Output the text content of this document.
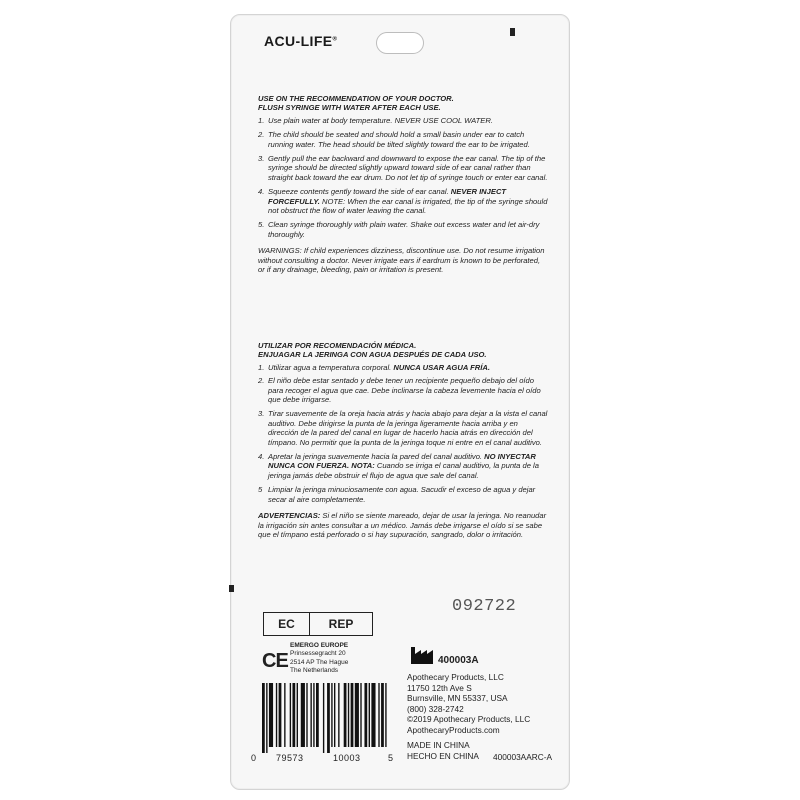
ACU-LIFE®

USE ON THE RECOMMENDATION OF YOUR DOCTOR.
FLUSH SYRINGE WITH WATER AFTER EACH USE.

1. Use plain water at body temperature. NEVER USE COOL WATER.
2. The child should be seated and should hold a small basin under ear to catch running water. The head should be tilted slightly toward the ear to be irrigated.
3. Gently pull the ear backward and downward to expose the ear canal. The tip of the syringe should be directed slightly upward toward side of ear canal rather than straight back toward the ear drum. Do not let tip of syringe touch or enter ear canal.
4. Squeeze contents gently toward the side of ear canal. NEVER INJECT FORCEFULLY. NOTE: When the ear canal is irrigated, the tip of the syringe should not obstruct the flow of water leaving the canal.
5. Clean syringe thoroughly with plain water. Shake out excess water and let air-dry thoroughly.

WARNINGS: If child experiences dizziness, discontinue use. Do not resume irrigation without consulting a doctor. Never irrigate ears if eardrum is known to be perforated, or if any drainage, bleeding, pain or irritation is present.

UTILIZAR POR RECOMENDACIÓN MÉDICA.
ENJUAGAR LA JERINGA CON AGUA DESPUÉS DE CADA USO.

1. Utilizar agua a temperatura corporal. NUNCA USAR AGUA FRÍA.
2. El niño debe estar sentado y debe tener un recipiente pequeño debajo del oído para recoger el agua que cae. Debe inclinarse la cabeza levemente hacia el oído que debe irrigarse.
3. Tirar suavemente de la oreja hacia atrás y hacia abajo para dejar a la vista el canal auditivo. Debe dirigirse la punta de la jeringa ligeramente hacia arriba y en dirección de la pared del canal en lugar de hacerlo hacia atrás en dirección del tímpano. No permitir que la punta de la jeringa toque ni entre en el canal auditivo.
4. Apretar la jeringa suavemente hacia la pared del canal auditivo. NO INYECTAR NUNCA CON FUERZA. NOTA: Cuando se irriga el canal auditivo, la punta de la jeringa jamás debe obstruir el flujo de agua que sale del canal.
5 Limpiar la jeringa minuciosamente con agua. Sacudir el exceso de agua y dejar secar al aire completamente.

ADVERTENCIAS: Si el niño se siente mareado, dejar de usar la jeringa. No reanudar la irrigación sin antes consultar a un médico. Jamás debe irrigarse el oído si se sabe que el tímpano está perforado o si hay supuración, sangrado, dolor o irritación.

092722
EC	REP
CE
EMERGO EUROPE
Prinsessegracht 20
2514 AP The Hague
The Netherlands
400003A
Apothecary Products, LLC
11750 12th Ave S
Burnsville, MN 55337, USA
(800) 328-2742
©2019 Apothecary Products, LLC
ApothecaryProducts.com
0 79573	10003	5
MADE IN CHINA
HECHO EN CHINA 400003AARC-A
